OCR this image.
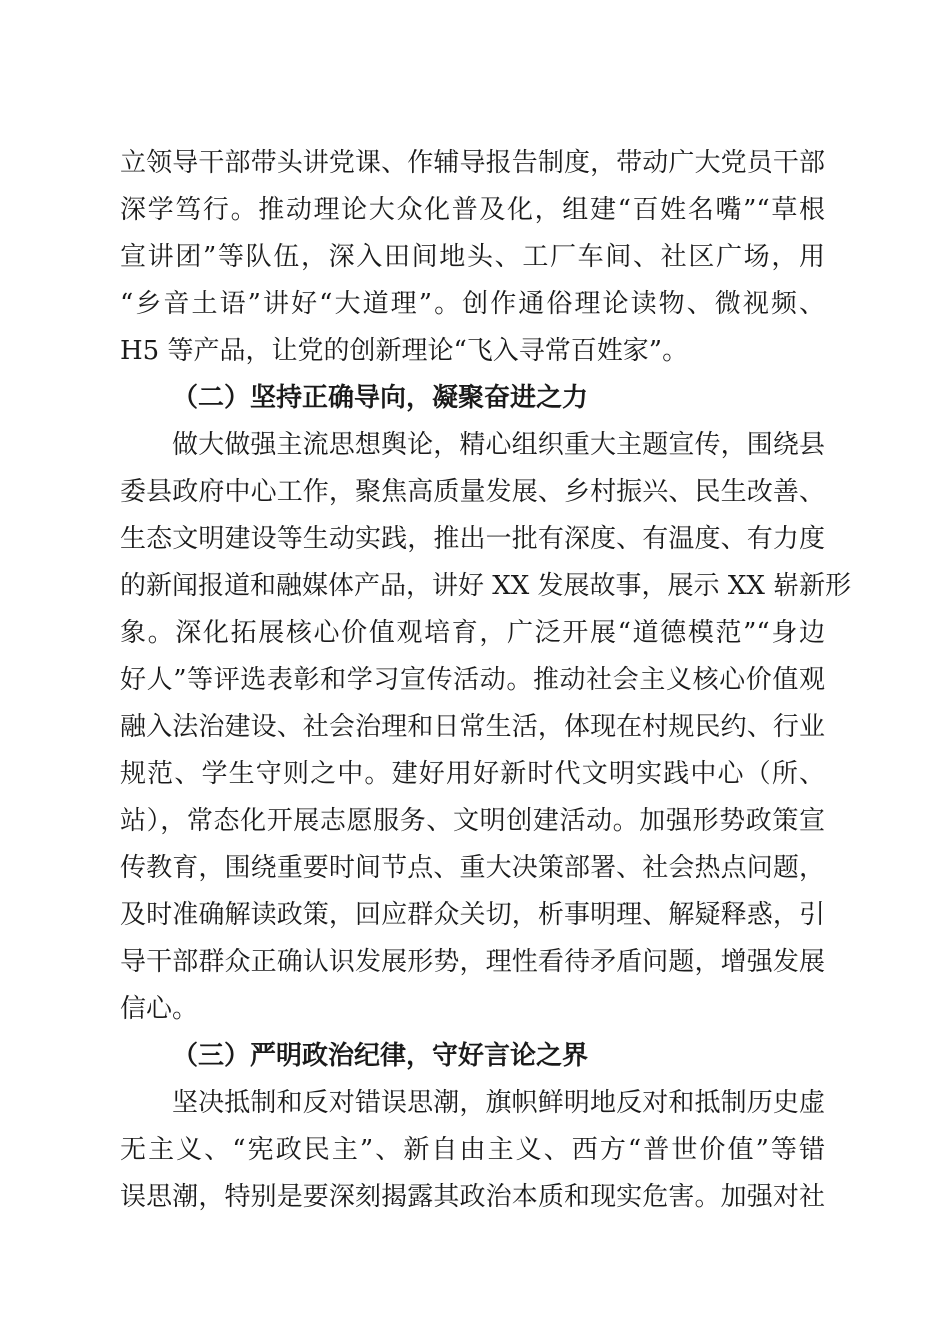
立领导干部带头讲党课、作辅导报告制度，带动广大党员干部
深学笃行。推动理论大众化普及化，组建“百姓名嘴”“草根
宣讲团”等队伍，深入田间地头、工厂车间、社区广场，用
“乡音土语”讲好“大道理”。创作通俗理论读物、微视频、
H5 等产品，让党的创新理论“飞入寻常百姓家”。
（二）坚持正确导向，凝聚奋进之力
做大做强主流思想舆论，精心组织重大主题宣传，围绕县
委县政府中心工作，聚焦高质量发展、乡村振兴、民生改善、
生态文明建设等生动实践，推出一批有深度、有温度、有力度
的新闻报道和融媒体产品，讲好 XX 发展故事，展示 XX 崭新形
象。深化拓展核心价值观培育，广泛开展“道德模范”“身边
好人”等评选表彰和学习宣传活动。推动社会主义核心价值观
融入法治建设、社会治理和日常生活，体现在村规民约、行业
规范、学生守则之中。建好用好新时代文明实践中心（所、
站），常态化开展志愿服务、文明创建活动。加强形势政策宣
传教育，围绕重要时间节点、重大决策部署、社会热点问题，
及时准确解读政策，回应群众关切，析事明理、解疑释惑，引
导干部群众正确认识发展形势，理性看待矛盾问题，增强发展
信心。
（三）严明政治纪律，守好言论之界
坚决抵制和反对错误思潮，旗帜鲜明地反对和抵制历史虚
无主义、“宪政民主”、新自由主义、西方“普世价值”等错
误思潮，特别是要深刻揭露其政治本质和现实危害。加强对社
